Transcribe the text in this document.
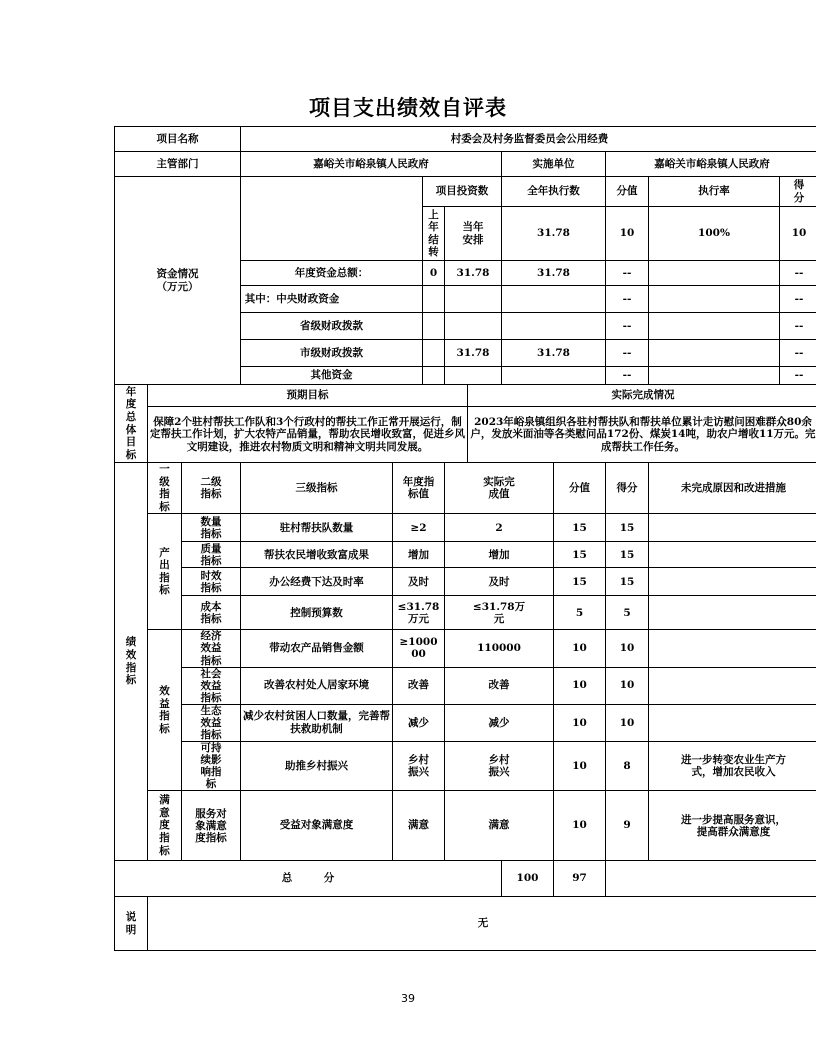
项目支出绩效自评表
项目名称			村委会及村务监督委员会公用经费									
主管部门			嘉峪关市峪泉镇人民政府					实施单位		嘉峪关市峪泉镇人民政府		

资金情况（万元）					项目投资数			全年执行数		分值	执行率	得分

					上年结转	当年安排		31.78		10	100%	10
			年度资金总额：		0	31.78		31.78		--		--

			其中：中央财政资金							--		--

			省级财政拨款							--		--

			市级财政拨款			31.78		31.78		--		--
			其他资金							--		--

年度总体目标	预期目标						实际完成情况					
	保障2个驻村帮扶工作队和3个行政村的帮扶工作正常开展运行，制定帮扶工作计划，扩大农特产品销量，帮助农民增收致富，促进乡风文明建设，推进农村物质文明和精神文明共同发展。						2023年峪泉镇组织各驻村帮扶队和帮扶单位累计走访慰问困难群众80余户，发放米面油等各类慰问品172份、煤炭14吨，助农户增收11万元。完成帮扶工作任务。					

绩效指标	一级指标	二级指标	三级指标	年度指标值		实际完成值			分值	得分	未完成原因和改进措施	

	产出指标	数量指标	驻村帮扶队数量	≥2		2			15	15		

		质量指标	帮扶农民增收致富成果	增加		增加			15	15		

		时效指标	办公经费下达及时率	及时		及时			15	15		

		成本指标	控制预算数	≤31.78万元		≤31.78万元			5	5		

	效益指标	经济效益指标	带动农产品销售金额	≥100000		110000			10	10		

		社会效益指标	改善农村处人居家环境	改善		改善			10	10		

		生态效益指标	减少农村贫困人口数量，完善帮扶救助机制	减少		减少			10	10		

		可持续影响指标	助推乡村振兴	乡村振兴		乡村振兴			10	8	进一步转变农业生产方式，增加农民收入	

	满意度指标	服务对象满意度指标	受益对象满意度	满意		满意			10	9	进一步提高服务意识，提高群众满意度	

总　　　分								100	97			

说明	无											
39
